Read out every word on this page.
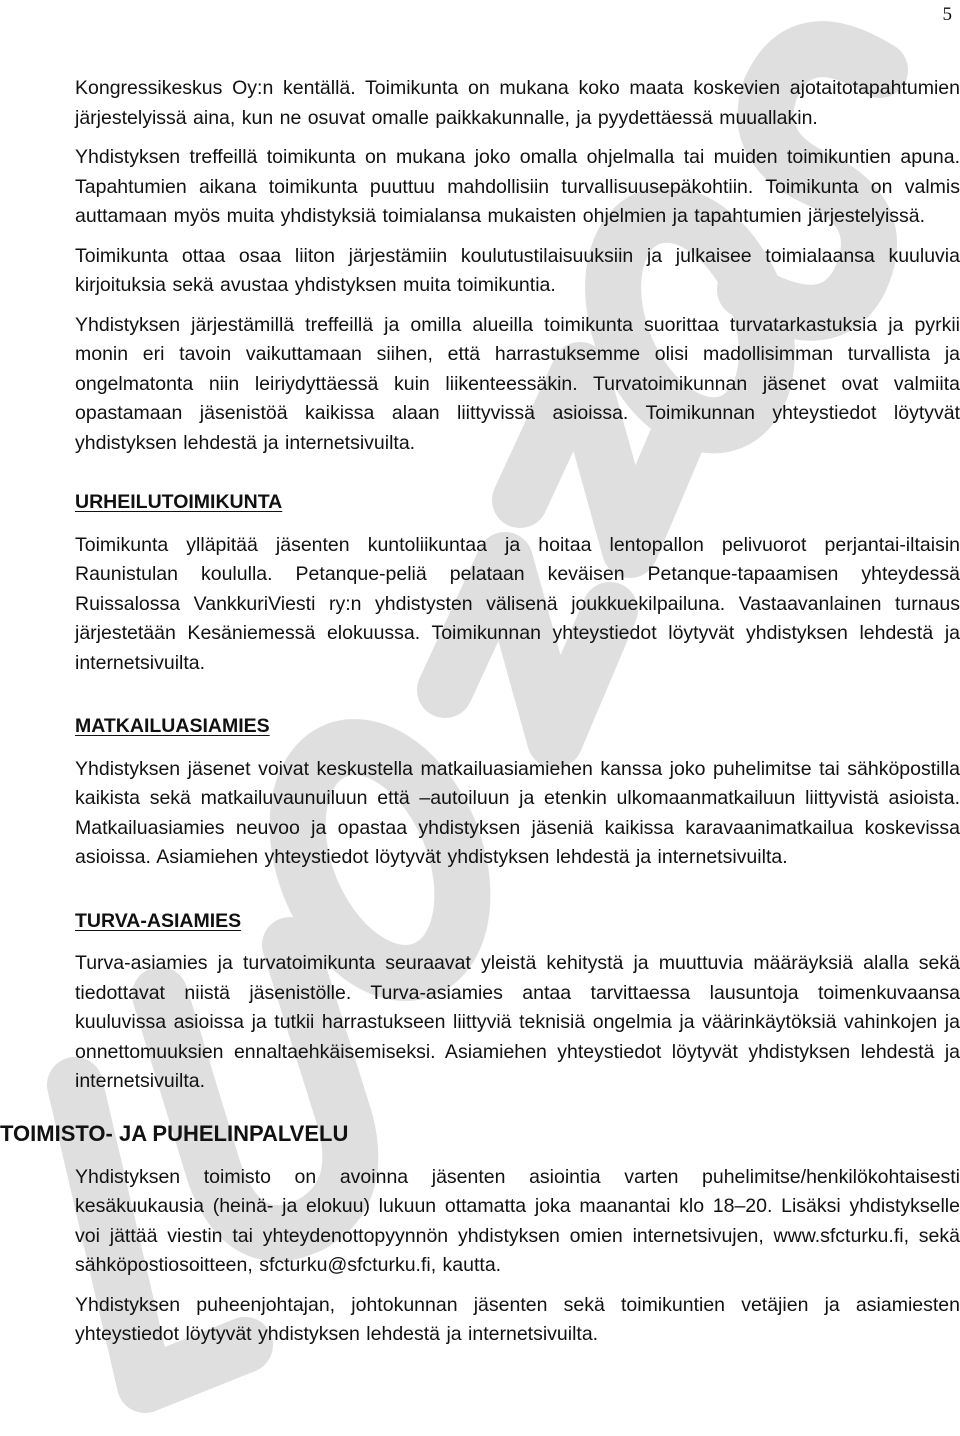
5

Kongressikeskus Oy:n kentällä. Toimikunta on mukana koko maata koskevien ajotaitotapahtumien järjestelyissä aina, kun ne osuvat omalle paikkakunnalle, ja pyydettäessä muuallakin.

Yhdistyksen treffeillä toimikunta on mukana joko omalla ohjelmalla tai muiden toimikuntien apuna. Tapahtumien aikana toimikunta puuttuu mahdollisiin turvallisuusepäkohtiin. Toimikunta on valmis auttamaan myös muita yhdistyksiä toimialansa mukaisten ohjelmien ja tapahtumien järjestelyissä.

Toimikunta ottaa osaa liiton järjestämiin koulutustilaisuuksiin ja julkaisee toimialaansa kuuluvia kirjoituksia sekä avustaa yhdistyksen muita toimikuntia.

Yhdistyksen järjestämillä treffeillä ja omilla alueilla toimikunta suorittaa turvatarkastuksia ja pyrkii monin eri tavoin vaikuttamaan siihen, että harrastuksemme olisi madollisimman turvallista ja ongelmatonta niin leiriydyttäessä kuin liikenteessäkin. Turvatoimikunnan jäsenet ovat valmiita opastamaan jäsenistöä kaikissa alaan liittyvissä asioissa. Toimikunnan yhteystiedot löytyvät yhdistyksen lehdestä ja internetsivuilta.

URHEILUTOIMIKUNTA

Toimikunta ylläpitää jäsenten kuntoliikuntaa ja hoitaa lentopallon pelivuorot perjantai-iltaisin Raunistulan koululla. Petanque-peliä pelataan keväisen Petanque-tapaamisen yhteydessä Ruissalossa VankkuriViesti ry:n yhdistysten välisenä joukkuekilpailuna. Vastaavanlainen turnaus järjestetään Kesäniemessä elokuussa. Toimikunnan yhteystiedot löytyvät yhdistyksen lehdestä ja internetsivuilta.

MATKAILUASIAMIES

Yhdistyksen jäsenet voivat keskustella matkailuasiamiehen kanssa joko puhelimitse tai sähköpostilla kaikista sekä matkailuvaunuiluun että –autoiluun ja etenkin ulkomaanmatkailuun liittyvistä asioista. Matkailuasiamies neuvoo ja opastaa yhdistyksen jäseniä kaikissa karavaanimatkailua koskevissa asioissa. Asiamiehen yhteystiedot löytyvät yhdistyksen lehdestä ja internetsivuilta.

TURVA-ASIAMIES

Turva-asiamies ja turvatoimikunta seuraavat yleistä kehitystä ja muuttuvia määräyksiä alalla sekä tiedottavat niistä jäsenistölle. Turva-asiamies antaa tarvittaessa lausuntoja toimenkuvaansa kuuluvissa asioissa ja tutkii harrastukseen liittyviä teknisiä ongelmia ja väärinkäytöksiä vahinkojen ja onnettomuuksien ennaltaehkäisemiseksi. Asiamiehen yhteystiedot löytyvät yhdistyksen lehdestä ja internetsivuilta.

TOIMISTO- JA PUHELINPALVELU

Yhdistyksen toimisto on avoinna jäsenten asiointia varten puhelimitse/henkilökohtaisesti kesäkuukausia (heinä- ja elokuu) lukuun ottamatta joka maanantai klo 18–20. Lisäksi yhdistykselle voi jättää viestin tai yhteydenottopyynnön yhdistyksen omien internetsivujen, www.sfcturku.fi, sekä sähköpostiosoitteen, sfcturku@sfcturku.fi, kautta.

Yhdistyksen puheenjohtajan, johtokunnan jäsenten sekä toimikuntien vetäjien ja asiamiesten yhteystiedot löytyvät yhdistyksen lehdestä ja internetsivuilta.
